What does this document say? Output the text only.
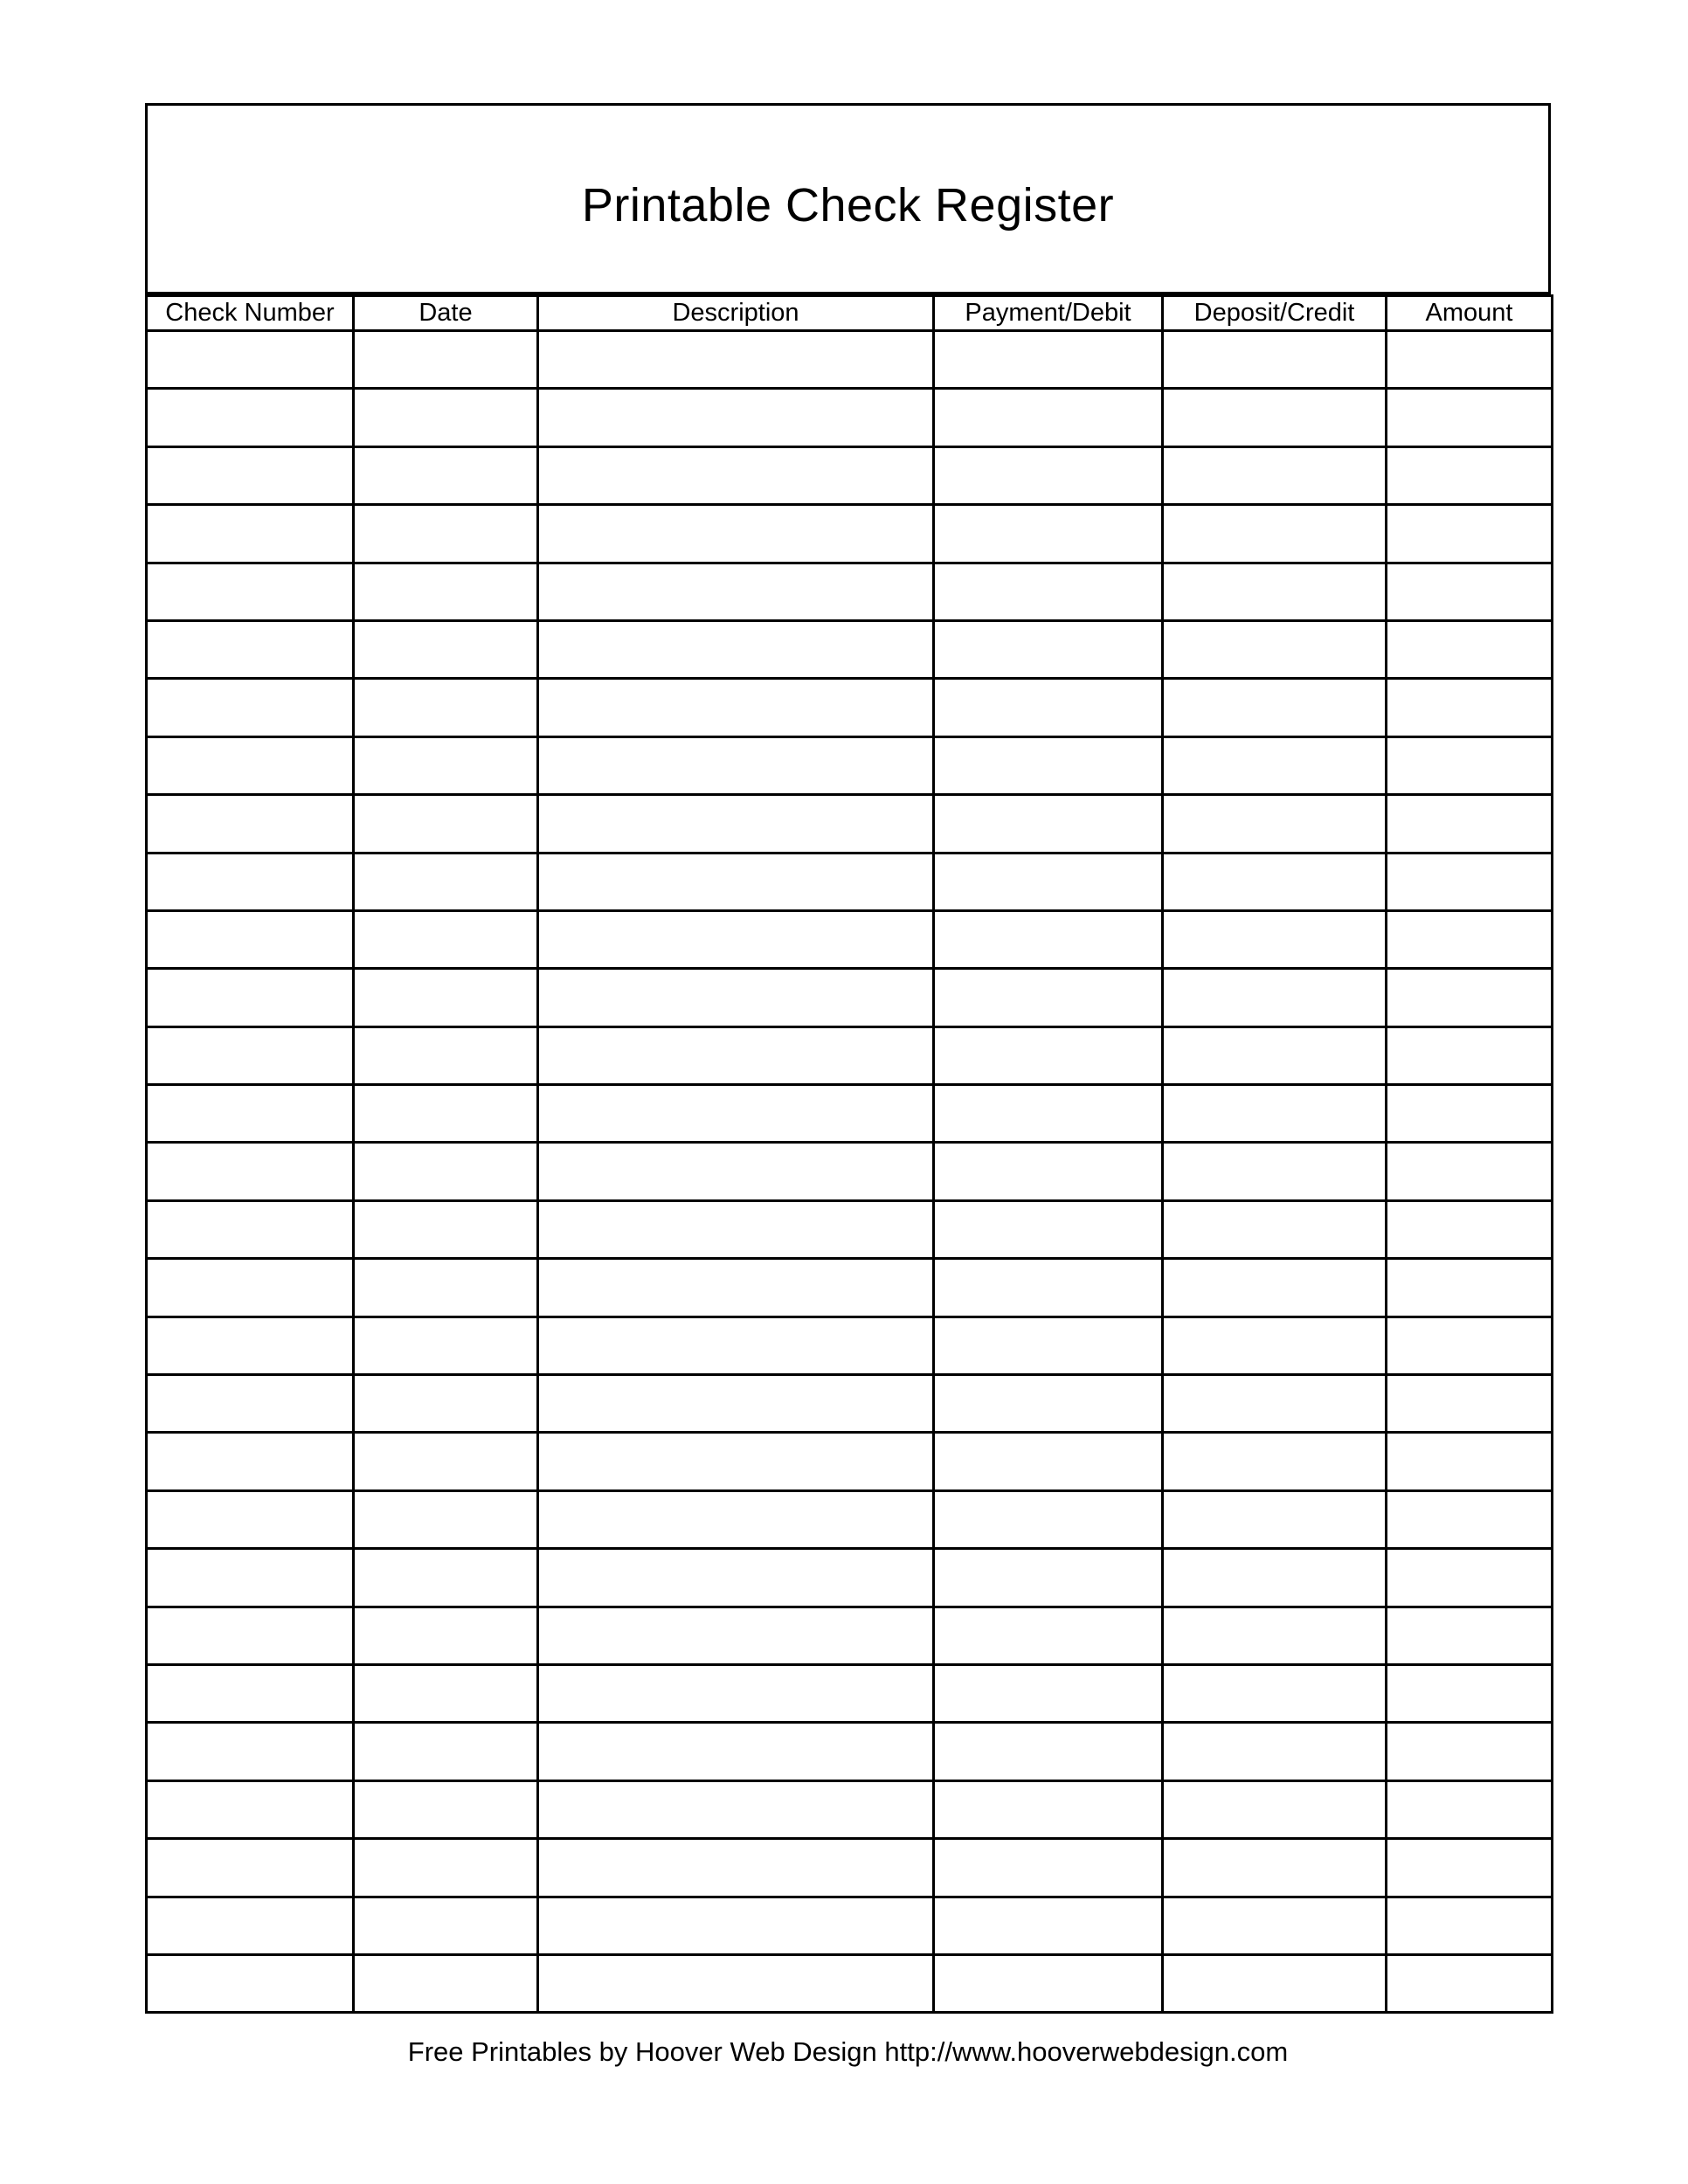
Printable Check Register
Check Number	Date	Description	Payment/Debit	Deposit/Credit	Amount

Free Printables by Hoover Web Design http://www.hooverwebdesign.com
